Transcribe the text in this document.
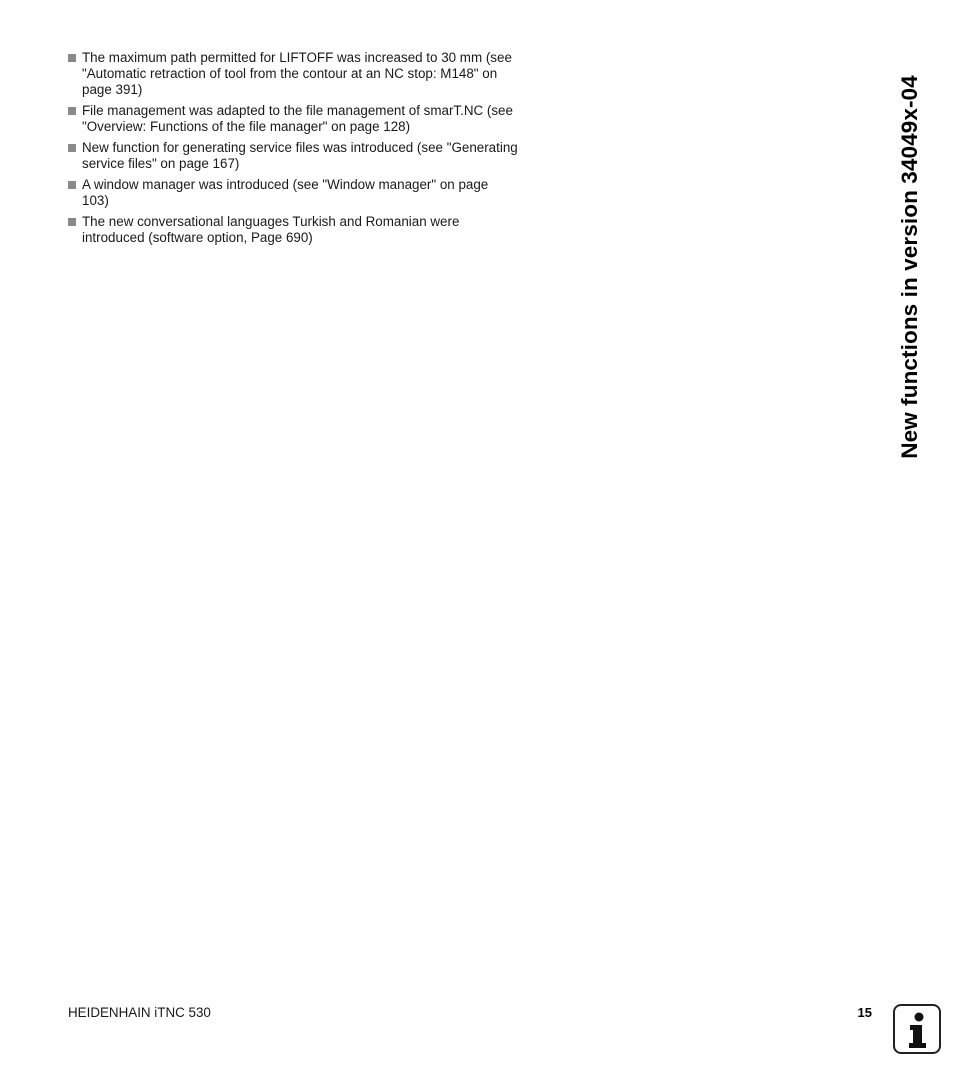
The maximum path permitted for LIFTOFF was increased to 30 mm (see "Automatic retraction of tool from the contour at an NC stop: M148" on page 391)
File management was adapted to the file management of smarT.NC (see "Overview: Functions of the file manager" on page 128)
New function for generating service files was introduced (see "Generating service files" on page 167)
A window manager was introduced (see "Window manager" on page 103)
The new conversational languages Turkish and Romanian were introduced (software option, Page 690)	New functions in version 34049x-04
HEIDENHAIN iTNC 530	15
